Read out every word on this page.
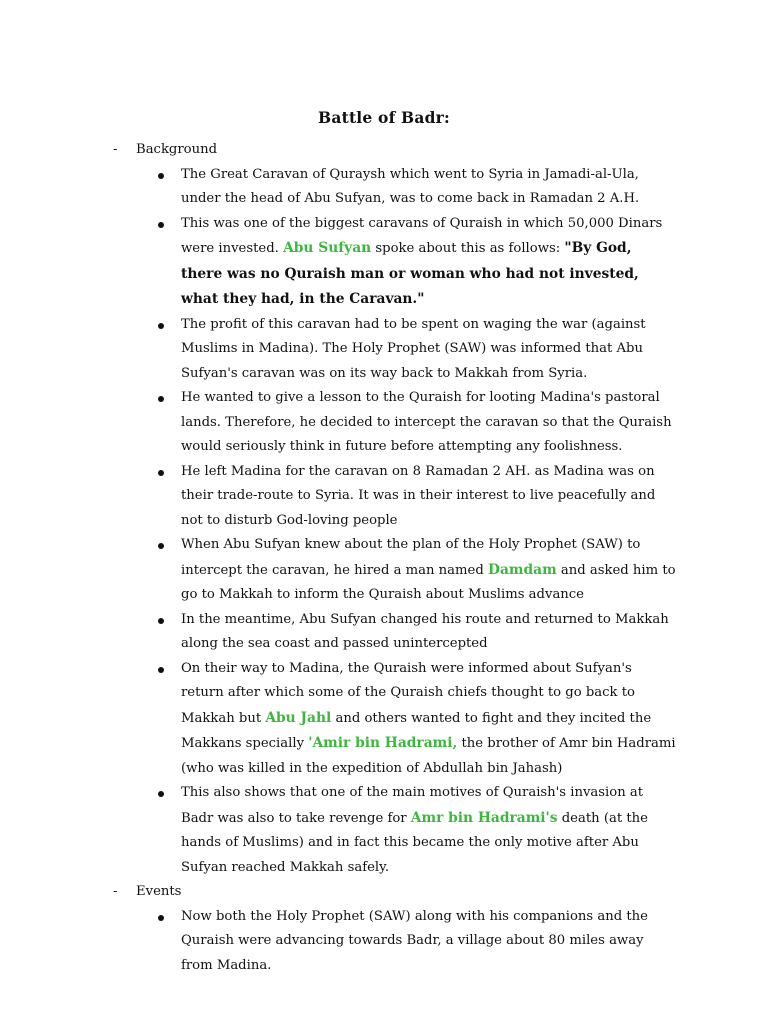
Battle of Badr:
- Background
The Great Caravan of Quraysh which went to Syria in Jamadi-al-Ula, under the head of Abu Sufyan, was to come back in Ramadan 2 A.H.
This was one of the biggest caravans of Quraish in which 50,000 Dinars were invested. Abu Sufyan spoke about this as follows: "By God, there was no Quraish man or woman who had not invested, what they had, in the Caravan."
The profit of this caravan had to be spent on waging the war (against Muslims in Madina). The Holy Prophet (SAW) was informed that Abu Sufyan's caravan was on its way back to Makkah from Syria.
He wanted to give a lesson to the Quraish for looting Madina's pastoral lands. Therefore, he decided to intercept the caravan so that the Quraish would seriously think in future before attempting any foolishness.
He left Madina for the caravan on 8 Ramadan 2 AH. as Madina was on their trade-route to Syria. It was in their interest to live peacefully and not to disturb God-loving people
When Abu Sufyan knew about the plan of the Holy Prophet (SAW) to intercept the caravan, he hired a man named Damdam and asked him to go to Makkah to inform the Quraish about Muslims advance
In the meantime, Abu Sufyan changed his route and returned to Makkah along the sea coast and passed unintercepted
On their way to Madina, the Quraish were informed about Sufyan's return after which some of the Quraish chiefs thought to go back to Makkah but Abu Jahl and others wanted to fight and they incited the Makkans specially 'Amir bin Hadrami, the brother of Amr bin Hadrami (who was killed in the expedition of Abdullah bin Jahash)
This also shows that one of the main motives of Quraish's invasion at Badr was also to take revenge for Amr bin Hadrami's death (at the hands of Muslims) and in fact this became the only motive after Abu Sufyan reached Makkah safely.
- Events
Now both the Holy Prophet (SAW) along with his companions and the Quraish were advancing towards Badr, a village about 80 miles away from Madina.
